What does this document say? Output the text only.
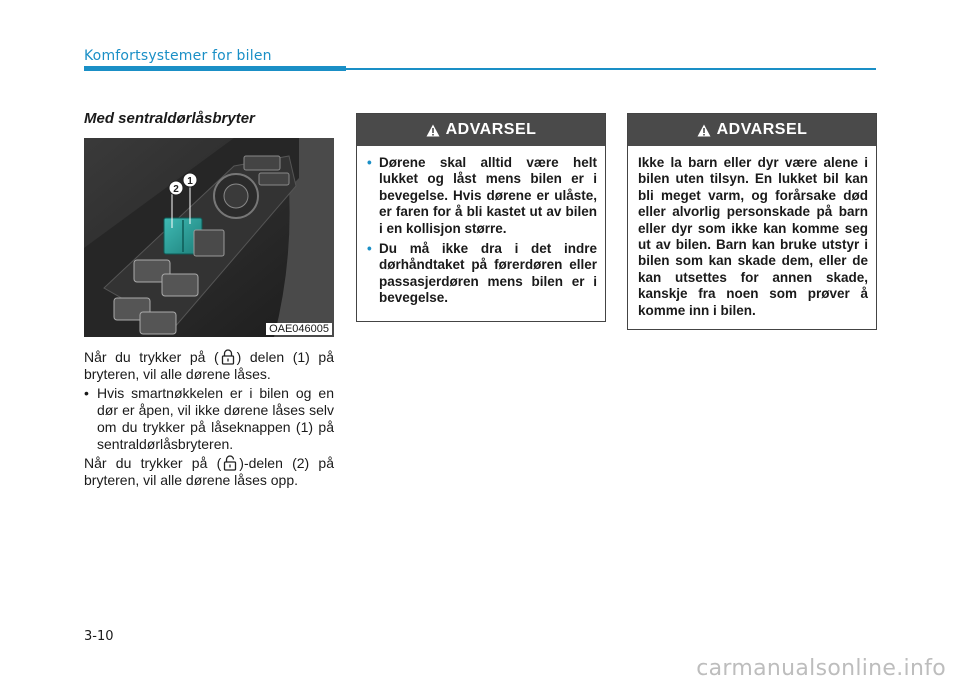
Komfortsystemer for bilen
Med sentraldørlåsbryter
2
1
OAE046005

Når du trykker på ( ) delen (1) på bryteren, vil alle dørene låses.

• Hvis smartnøkkelen er i bilen og en dør er åpen, vil ikke dørene låses selv om du trykker på låseknappen (1) på sentraldørlåsbryteren.

Når du trykker på ( )-delen (2) på bryteren, vil alle dørene låses opp.

ADVARSEL
• Dørene skal alltid være helt lukket og låst mens bilen er i bevegelse. Hvis dørene er ulåste, er faren for å bli kastet ut av bilen i en kollisjon større.
• Du må ikke dra i det indre dørhåndtaket på førerdøren eller passasjerdøren mens bilen er i bevegelse.
ADVARSEL
Ikke la barn eller dyr være alene i bilen uten tilsyn. En lukket bil kan bli meget varm, og forårsake død eller alvorlig personskade på barn eller dyr som ikke kan komme seg ut av bilen. Barn kan bruke utstyr i bilen som kan skade dem, eller de kan utsettes for annen skade, kanskje fra noen som prøver å komme inn i bilen.
3-10
carmanualsonline.info
